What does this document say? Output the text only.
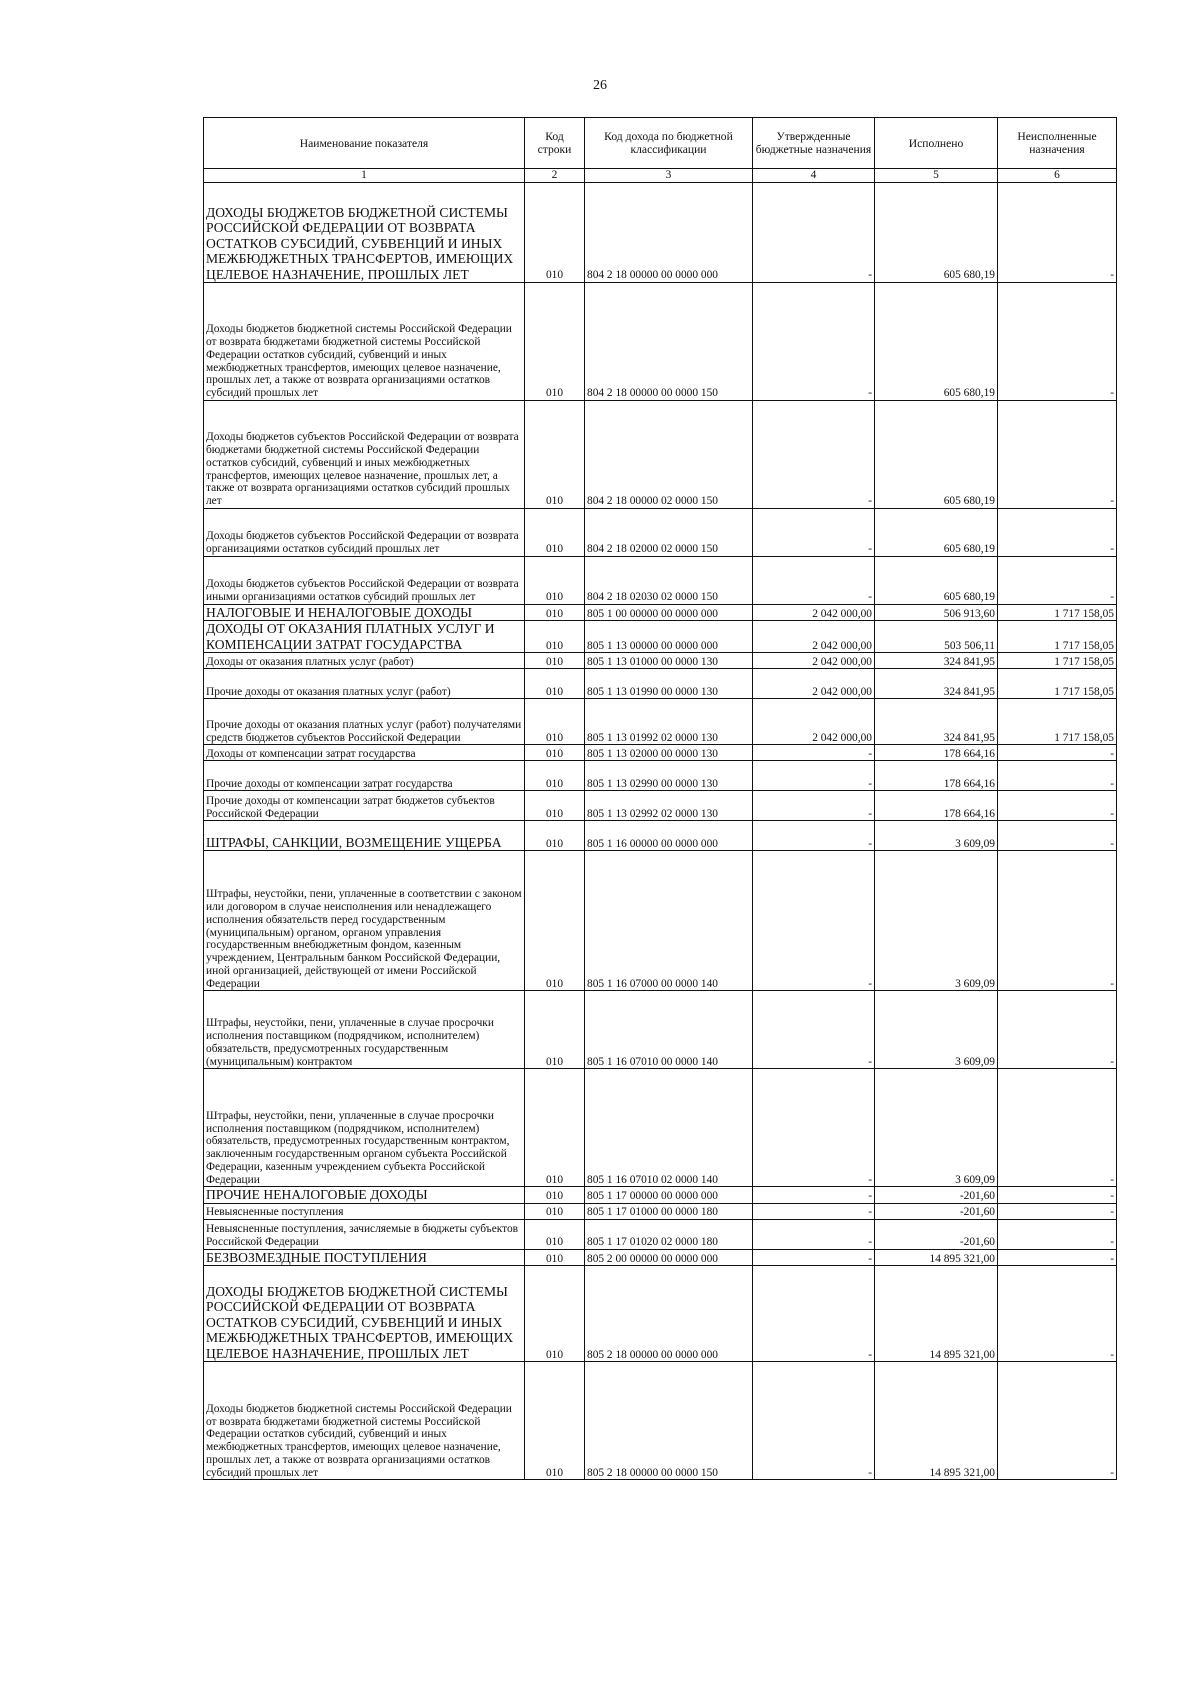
26
Наименование показателя	Код строки	Код дохода по бюджетной классификации	Утвержденные бюджетные назначения	Исполнено	Неисполненные назначения
1	2	3	4	5	6
ДОХОДЫ БЮДЖЕТОВ БЮДЖЕТНОЙ СИСТЕМЫ РОССИЙСКОЙ ФЕДЕРАЦИИ ОТ ВОЗВРАТА ОСТАТКОВ СУБСИДИЙ, СУБВЕНЦИЙ И ИНЫХ МЕЖБЮДЖЕТНЫХ ТРАНСФЕРТОВ, ИМЕЮЩИХ ЦЕЛЕВОЕ НАЗНАЧЕНИЕ, ПРОШЛЫХ ЛЕТ	010	804 2 18 00000 00 0000 000	-	605 680,19	-
Доходы бюджетов бюджетной системы Российской Федерации от возврата бюджетами бюджетной системы Российской Федерации остатков субсидий, субвенций и иных межбюджетных трансфертов, имеющих целевое назначение, прошлых лет, а также от возврата организациями остатков субсидий прошлых лет	010	804 2 18 00000 00 0000 150	-	605 680,19	-
Доходы бюджетов субъектов Российской Федерации от возврата бюджетами бюджетной системы Российской Федерации остатков субсидий, субвенций и иных межбюджетных трансфертов, имеющих целевое назначение, прошлых лет, а также от возврата организациями остатков субсидий прошлых лет	010	804 2 18 00000 02 0000 150	-	605 680,19	-
Доходы бюджетов субъектов Российской Федерации от возврата организациями остатков субсидий прошлых лет	010	804 2 18 02000 02 0000 150	-	605 680,19	-
Доходы бюджетов субъектов Российской Федерации от возврата иными организациями остатков субсидий прошлых лет	010	804 2 18 02030 02 0000 150	-	605 680,19	-
НАЛОГОВЫЕ И НЕНАЛОГОВЫЕ ДОХОДЫ	010	805 1 00 00000 00 0000 000	2 042 000,00	506 913,60	1 717 158,05
ДОХОДЫ ОТ ОКАЗАНИЯ ПЛАТНЫХ УСЛУГ И КОМПЕНСАЦИИ ЗАТРАТ ГОСУДАРСТВА	010	805 1 13 00000 00 0000 000	2 042 000,00	503 506,11	1 717 158,05
Доходы от оказания платных услуг (работ)	010	805 1 13 01000 00 0000 130	2 042 000,00	324 841,95	1 717 158,05
Прочие доходы от оказания платных услуг (работ)	010	805 1 13 01990 00 0000 130	2 042 000,00	324 841,95	1 717 158,05
Прочие доходы от оказания платных услуг (работ) получателями средств бюджетов субъектов Российской Федерации	010	805 1 13 01992 02 0000 130	2 042 000,00	324 841,95	1 717 158,05
Доходы от компенсации затрат государства	010	805 1 13 02000 00 0000 130	-	178 664,16	-
Прочие доходы от компенсации затрат государства	010	805 1 13 02990 00 0000 130	-	178 664,16	-
Прочие доходы от компенсации затрат бюджетов субъектов Российской Федерации	010	805 1 13 02992 02 0000 130	-	178 664,16	-
ШТРАФЫ, САНКЦИИ, ВОЗМЕЩЕНИЕ УЩЕРБА	010	805 1 16 00000 00 0000 000	-	3 609,09	-
Штрафы, неустойки, пени, уплаченные в соответствии с законом или договором в случае неисполнения или ненадлежащего исполнения обязательств перед государственным (муниципальным) органом, органом управления государственным внебюджетным фондом, казенным учреждением, Центральным банком Российской Федерации, иной организацией, действующей от имени Российской Федерации	010	805 1 16 07000 00 0000 140	-	3 609,09	-
Штрафы, неустойки, пени, уплаченные в случае просрочки исполнения поставщиком (подрядчиком, исполнителем) обязательств, предусмотренных государственным (муниципальным) контрактом	010	805 1 16 07010 00 0000 140	-	3 609,09	-
Штрафы, неустойки, пени, уплаченные в случае просрочки исполнения поставщиком (подрядчиком, исполнителем) обязательств, предусмотренных государственным контрактом, заключенным государственным органом субъекта Российской Федерации, казенным учреждением субъекта Российской Федерации	010	805 1 16 07010 02 0000 140	-	3 609,09	-
ПРОЧИЕ НЕНАЛОГОВЫЕ ДОХОДЫ	010	805 1 17 00000 00 0000 000	-	-201,60	-
Невыясненные поступления	010	805 1 17 01000 00 0000 180	-	-201,60	-
Невыясненные поступления, зачисляемые в бюджеты субъектов Российской Федерации	010	805 1 17 01020 02 0000 180	-	-201,60	-
БЕЗВОЗМЕЗДНЫЕ ПОСТУПЛЕНИЯ	010	805 2 00 00000 00 0000 000	-	14 895 321,00	-
ДОХОДЫ БЮДЖЕТОВ БЮДЖЕТНОЙ СИСТЕМЫ РОССИЙСКОЙ ФЕДЕРАЦИИ ОТ ВОЗВРАТА ОСТАТКОВ СУБСИДИЙ, СУБВЕНЦИЙ И ИНЫХ МЕЖБЮДЖЕТНЫХ ТРАНСФЕРТОВ, ИМЕЮЩИХ ЦЕЛЕВОЕ НАЗНАЧЕНИЕ, ПРОШЛЫХ ЛЕТ	010	805 2 18 00000 00 0000 000	-	14 895 321,00	-
Доходы бюджетов бюджетной системы Российской Федерации от возврата бюджетами бюджетной системы Российской Федерации остатков субсидий, субвенций и иных межбюджетных трансфертов, имеющих целевое назначение, прошлых лет, а также от возврата организациями остатков субсидий прошлых лет	010	805 2 18 00000 00 0000 150	-	14 895 321,00	-
